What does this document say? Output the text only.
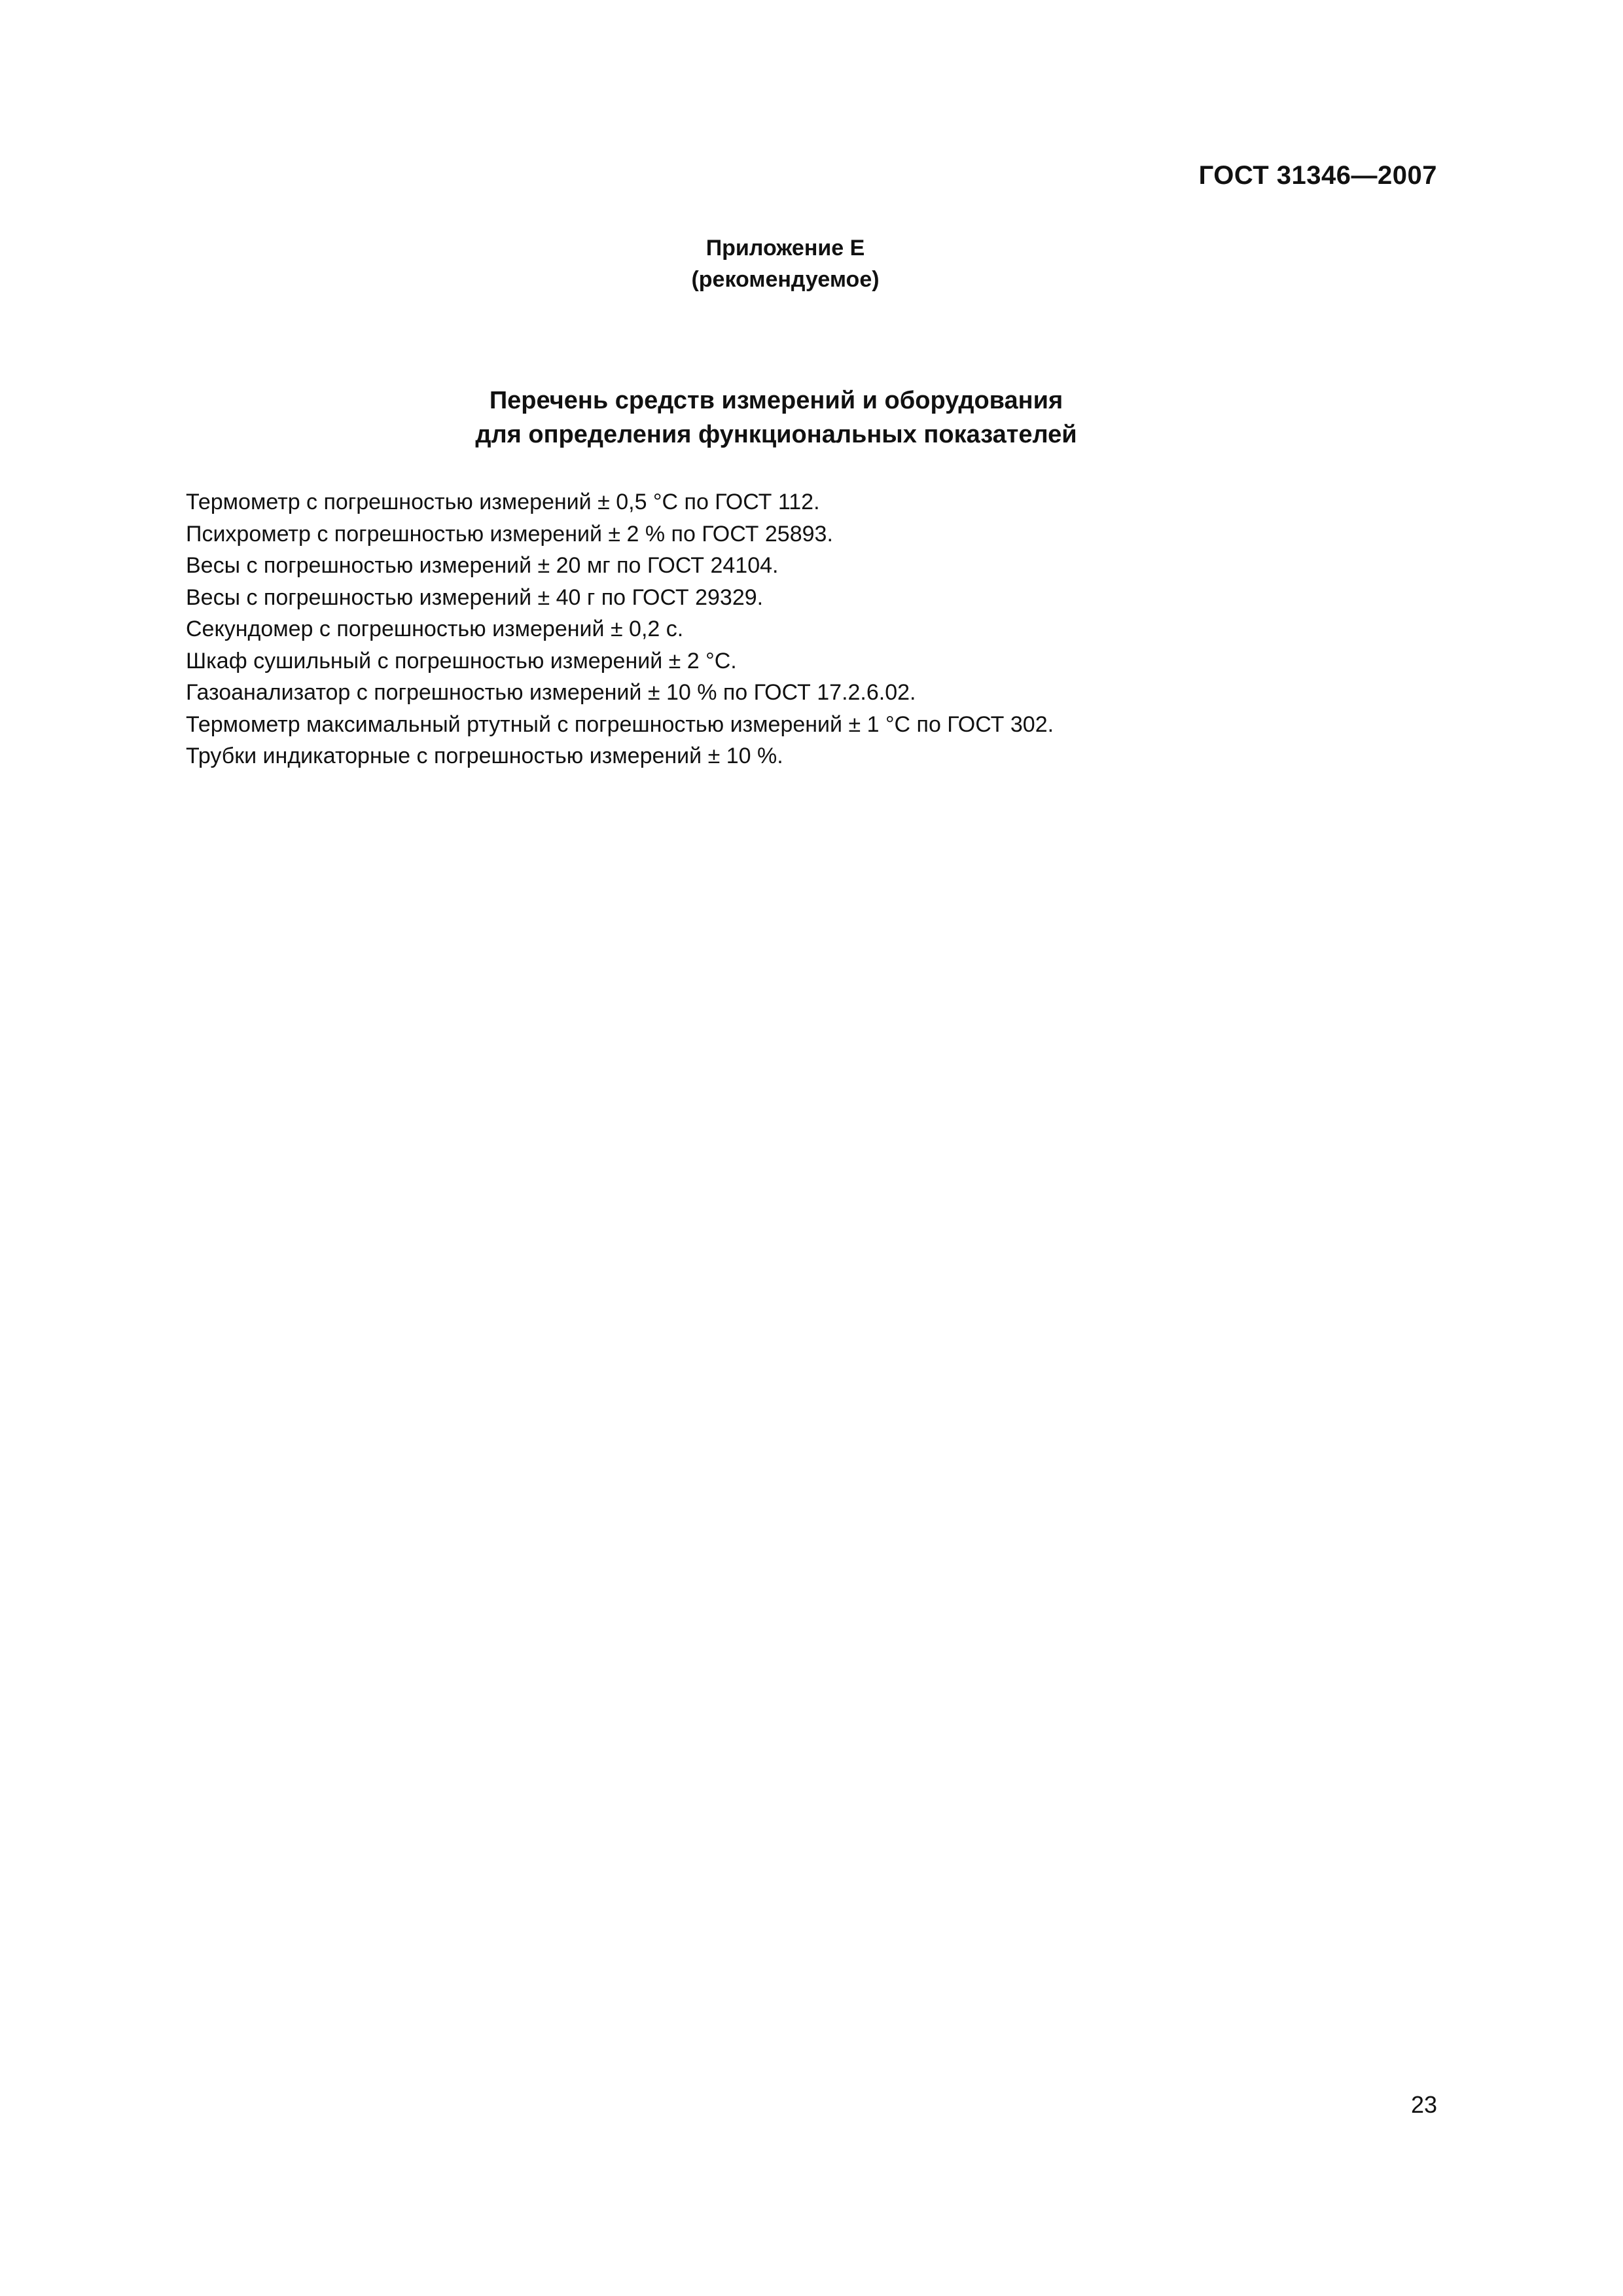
ГОСТ 31346—2007
Приложение Е
(рекомендуемое)
Перечень средств измерений и оборудования
для определения функциональных показателей
Термометр с погрешностью измерений ± 0,5 °С по ГОСТ 112.
Психрометр с погрешностью измерений ± 2 % по ГОСТ 25893.
Весы с погрешностью измерений ± 20 мг по ГОСТ 24104.
Весы с погрешностью измерений ± 40 г по ГОСТ 29329.
Секундомер с погрешностью измерений ± 0,2 с.
Шкаф сушильный с погрешностью измерений ± 2 °С.
Газоанализатор с погрешностью измерений ± 10 % по ГОСТ 17.2.6.02.
Термометр максимальный ртутный с погрешностью измерений ± 1 °С по ГОСТ 302.
Трубки индикаторные с погрешностью измерений ± 10 %.
23
